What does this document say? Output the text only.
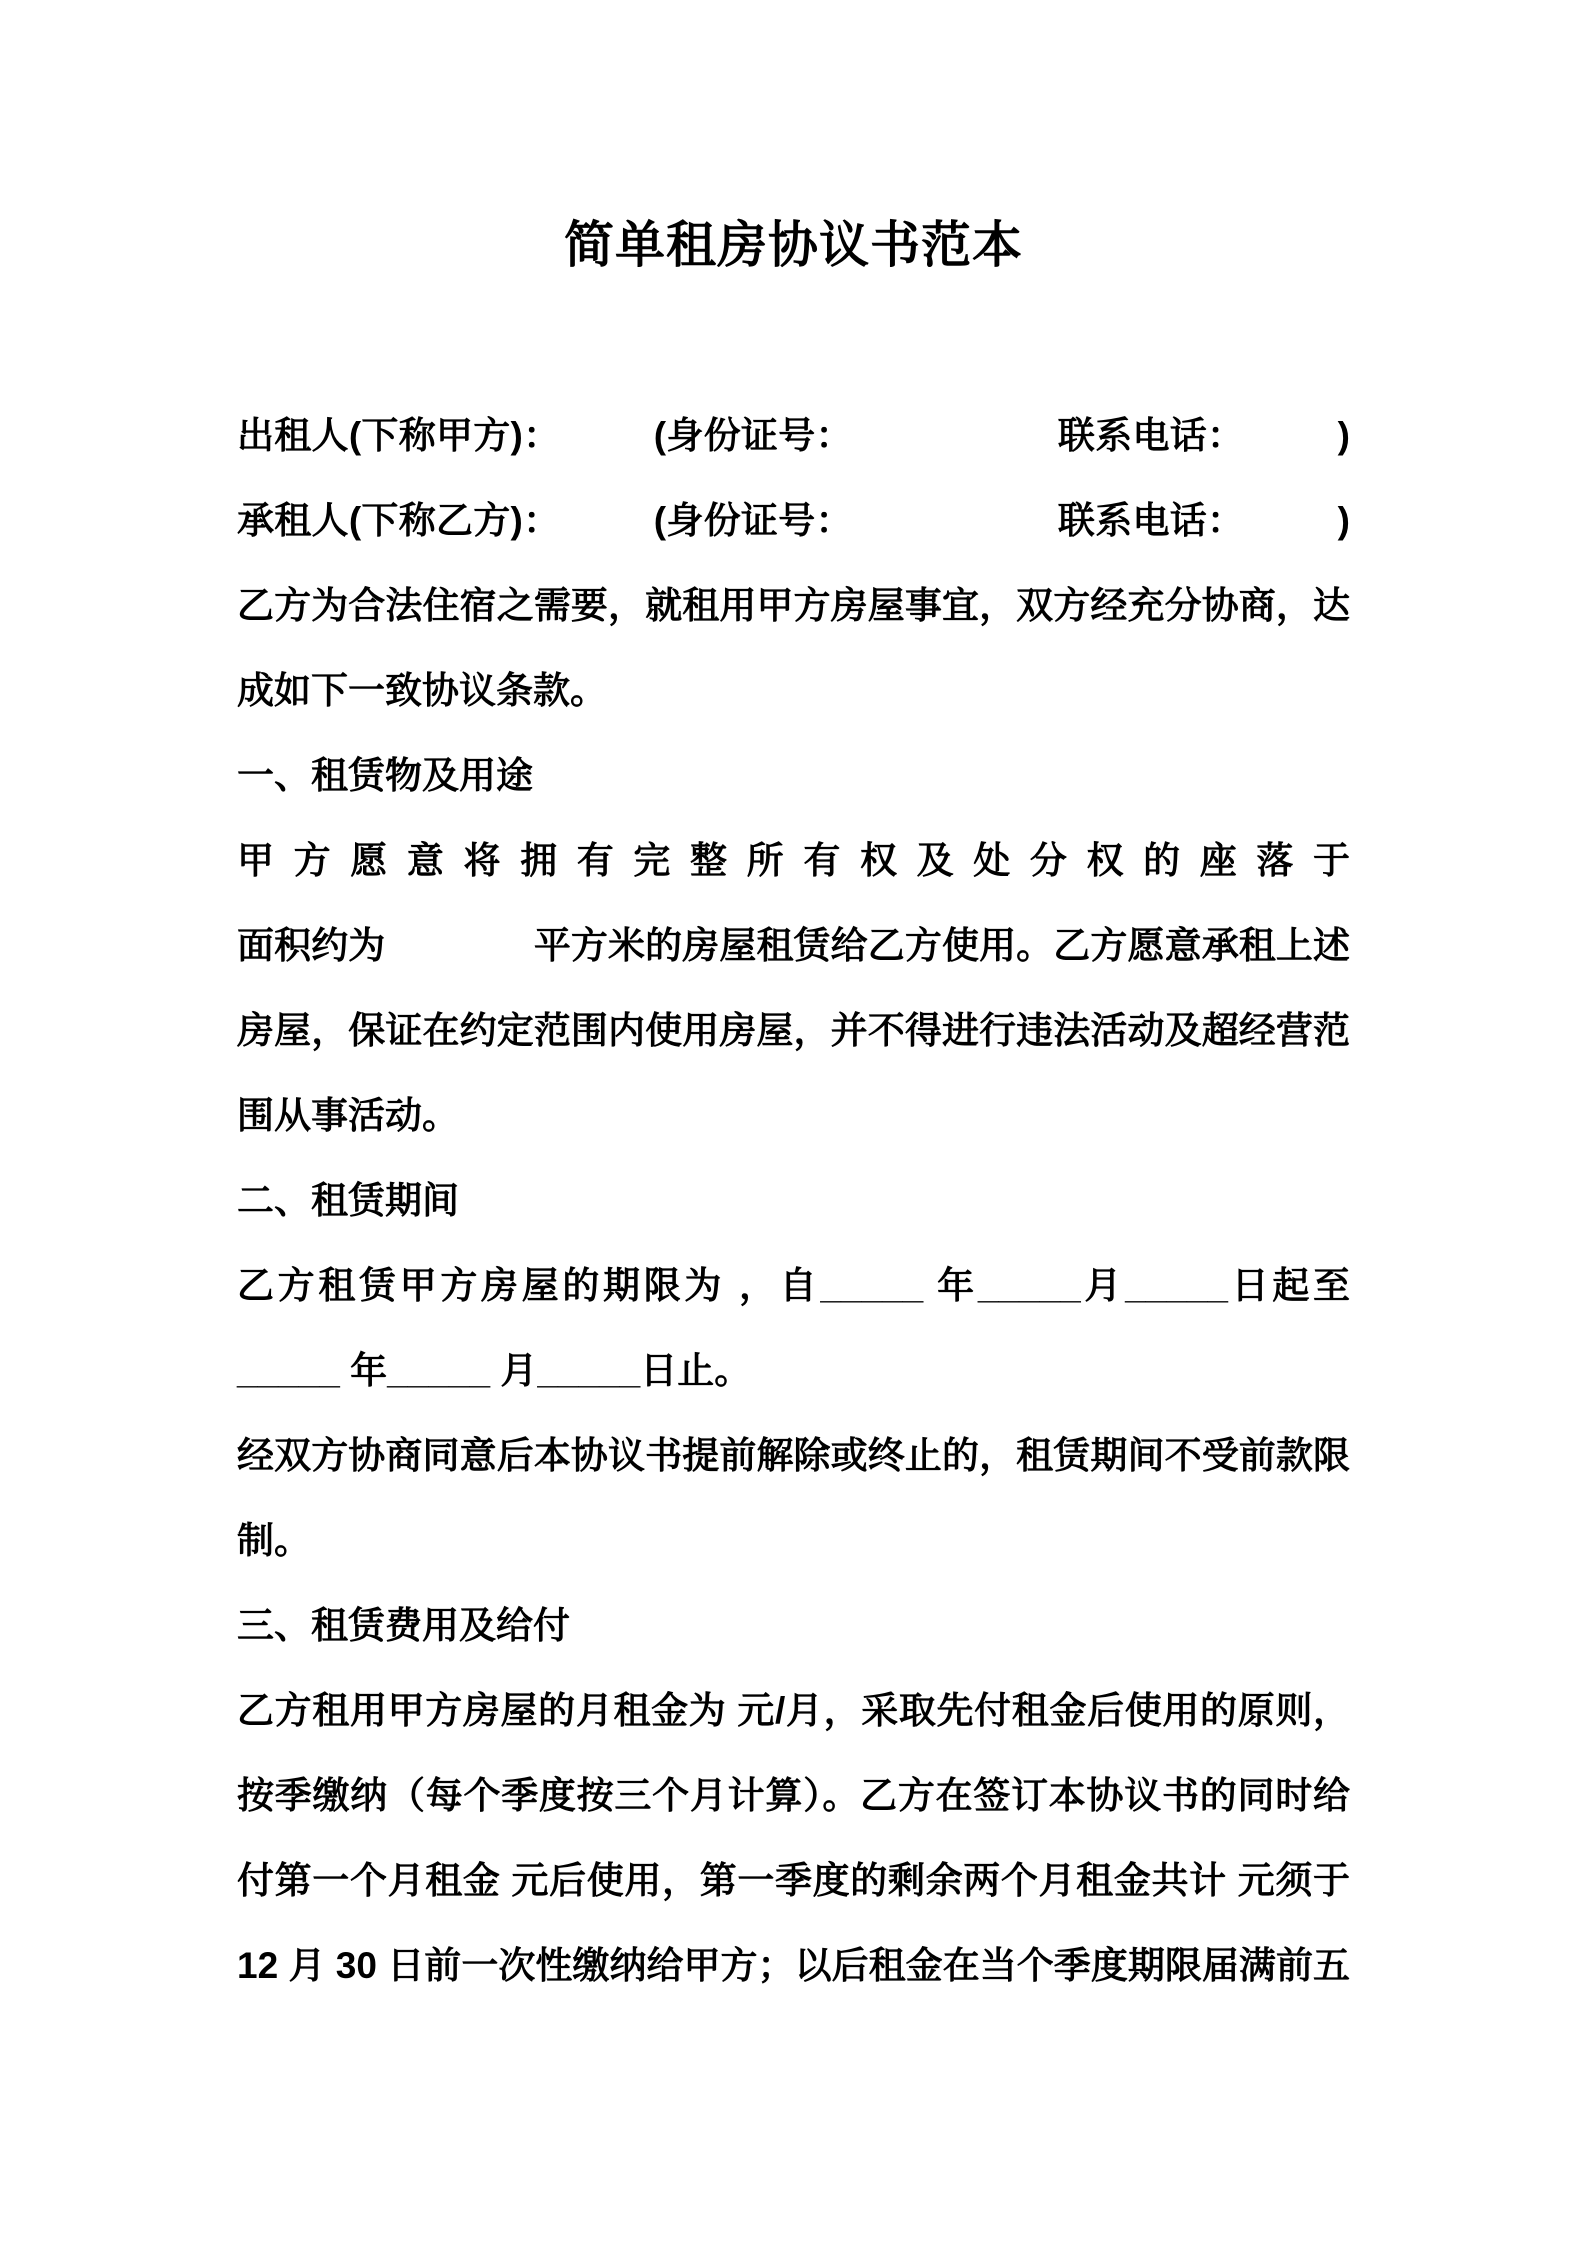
简单租房协议书范本
出租人(下称甲方)：　　　(身份证号：　　　　　　联系电话：　　　)
承租人(下称乙方)：　　　(身份证号：　　　　　　联系电话：　　　)
乙方为合法住宿之需要，就租用甲方房屋事宜，双方经充分协商，达
成如下一致协议条款。
一、租赁物及用途
甲方愿意将拥有完整所有权及处分权的座落于
面积约为　　　　平方米的房屋租赁给乙方使用。乙方愿意承租上述
房屋，保证在约定范围内使用房屋，并不得进行违法活动及超经营范
围从事活动。
二、租赁期间
乙方租赁甲方房屋的期限为 ，自_____ 年_____月_____日起至
_____ 年_____ 月_____日止。
经双方协商同意后本协议书提前解除或终止的，租赁期间不受前款限
制。
三、租赁费用及给付
乙方租用甲方房屋的月租金为 元/月，采取先付租金后使用的原则，
按季缴纳（每个季度按三个月计算）。乙方在签订本协议书的同时给
付第一个月租金 元后使用，第一季度的剩余两个月租金共计 元须于
12 月 30 日前一次性缴纳给甲方；以后租金在当个季度期限届满前五
